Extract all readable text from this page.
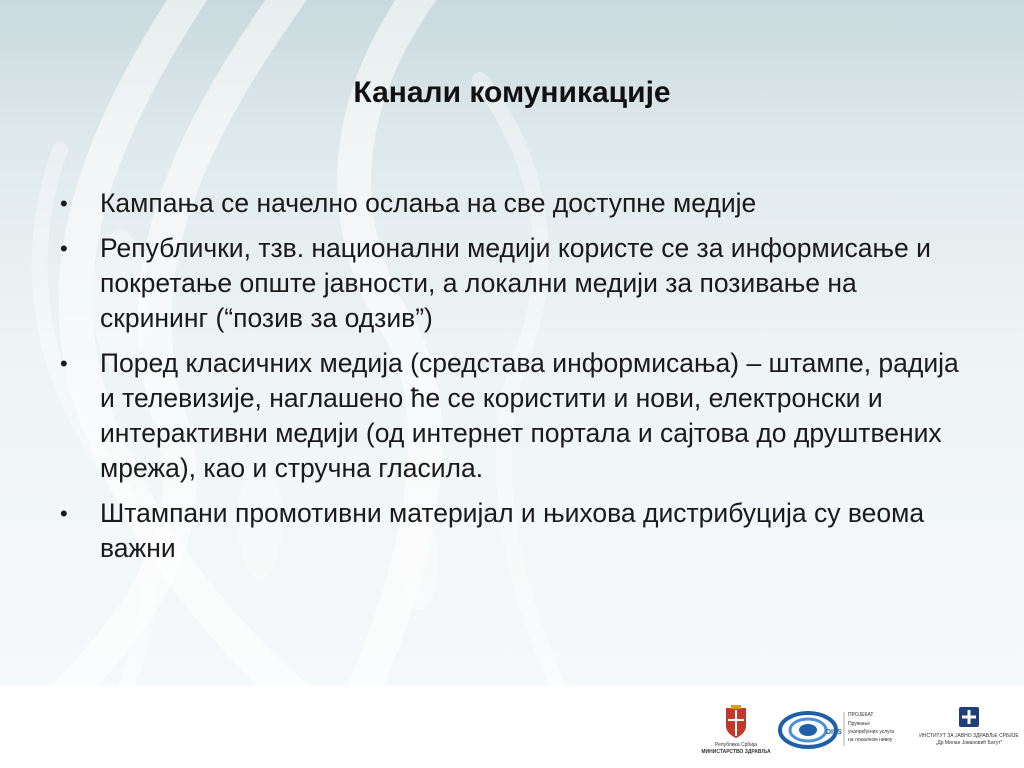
Канали комуникације
• Кампања се начелно ослања на све доступне медије
• Републички, тзв. национални медији користе се за информисање и покретање опште јавности, а локални медији за позивање на скрининг (“позив за одзив”)
• Поред класичних медија (средстава информисања) – штампе, радија и телевизије, наглашено ће се користити и нови, електронски и интерактивни медији (од интернет портала и сајтова до друштвених мрежа), као и стручна гласила.
• Штампани промотивни материјал и њихова дистрибуција су веома важни
Република Србија
МИНИСТАРСТВО ЗДРАВЉА
DILS
ПРОЈЕКАТ
Пружање
унапређених услуга
на локалном нивоу
ИНСТИТУТ ЗА ЈАВНО ЗДРАВЉЕ СРБИЈЕ
„Др Милан Јовановић Батут“
